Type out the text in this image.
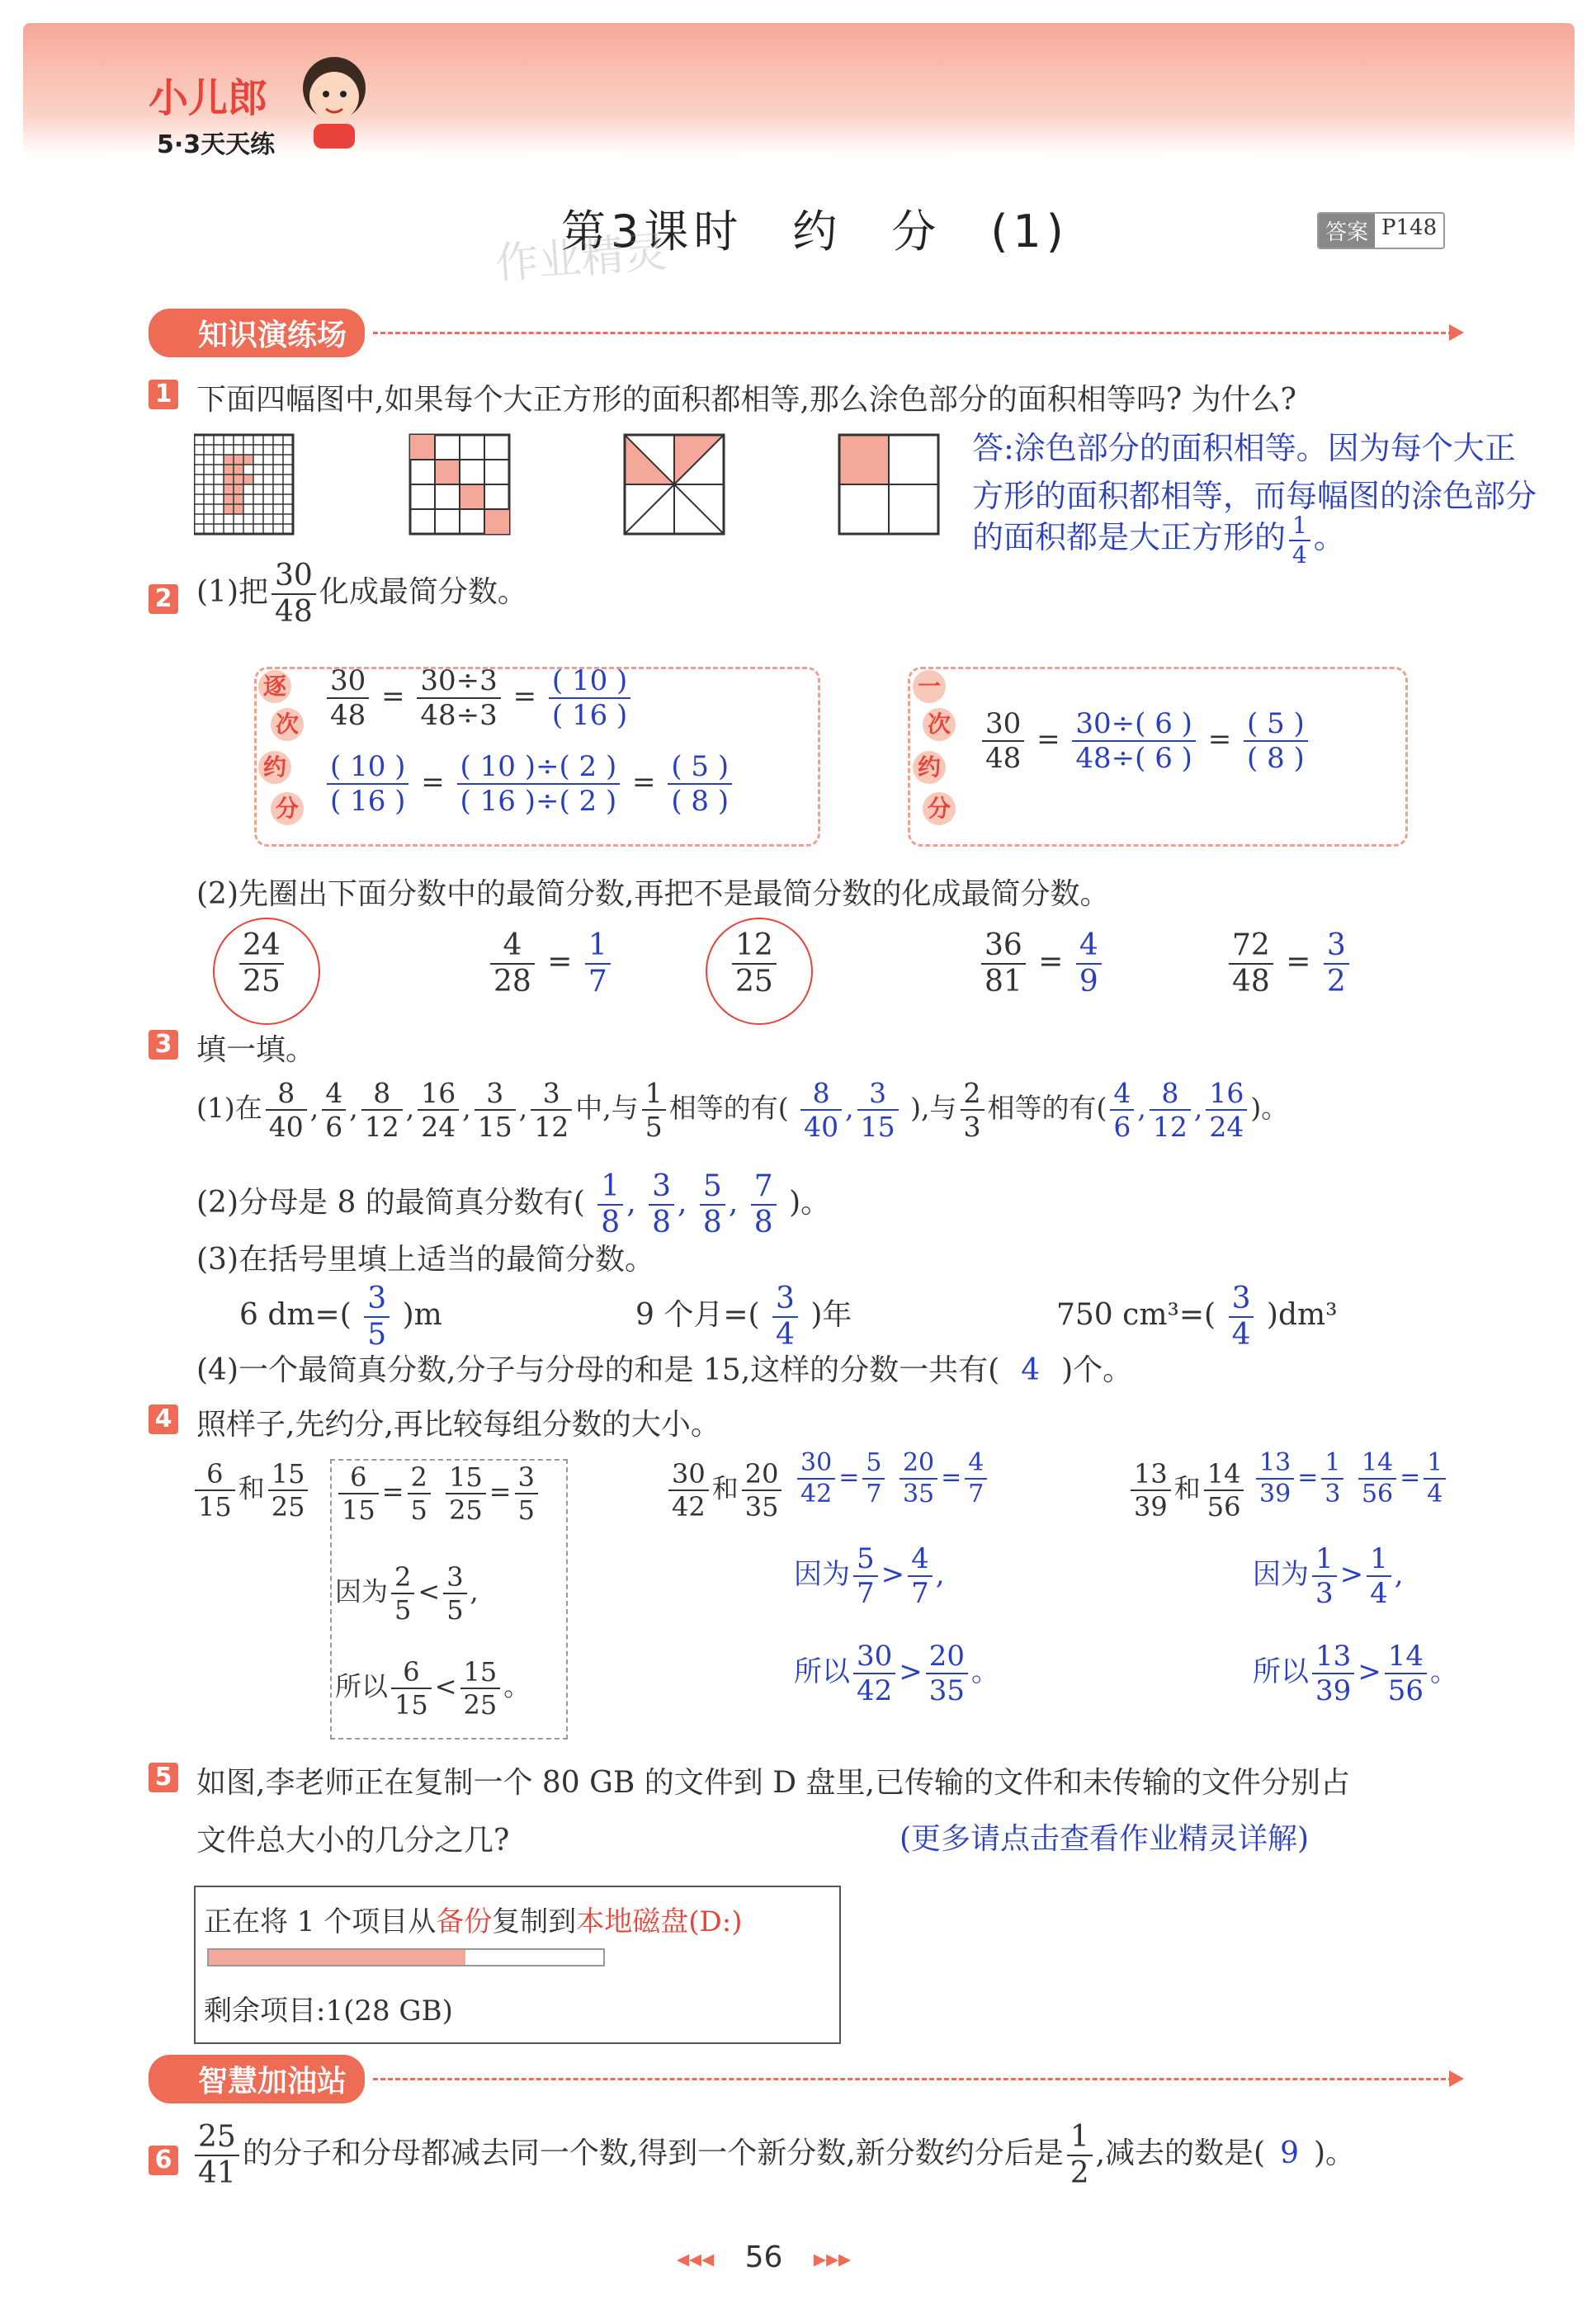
小儿郎
5·3天天练
第3课时　约　分　(1)
作业精灵	答案 P148
知识演练场
1 下面四幅图中,如果每个大正方形的面积都相等,那么涂色部分的面积相等吗? 为什么?
答:涂色部分的面积相等。因为每个大正
方形的面积都相等，而每幅图的涂色部分
的面积都是大正方形的 $\frac{1}{4}$ 。
2 (1)把 $\frac{30}{48}$ 化成最简分数。
逐
次
约
分
$\frac{30}{48} = \frac{30\div 3}{48\div 3} = \frac{( 10 )}{( 16 )}$
$\frac{( 10 )}{( 16 )} = \frac{( 10 )\div( 2 )}{( 16 )\div( 2 )} = \frac{( 5 )}{( 8 )}$
一
次
约
分
$\frac{30}{48} = \frac{30\div( 6 )}{48\div( 6 )} = \frac{( 5 )}{( 8 )}$
(2)先圈出下面分数中的最简分数,再把不是最简分数的化成最简分数。
$\frac{24}{25}$	$\frac{4}{28} = \frac{1}{7}$	$\frac{12}{25}$	$\frac{36}{81} = \frac{4}{9}$	$\frac{72}{48} = \frac{3}{2}$
3 填一填。
(1)在 $\frac{8}{40}$ , $\frac{4}{6}$ , $\frac{8}{12}$ , $\frac{16}{24}$ , $\frac{3}{15}$ , $\frac{3}{12}$ 中,与 $\frac{1}{5}$ 相等的有( $\frac{8}{40}$ , $\frac{3}{15}$ ),与 $\frac{2}{3}$ 相等的有( $\frac{4}{6}$ , $\frac{8}{12}$ , $\frac{16}{24}$ )。
(2)分母是 8 的最简真分数有( $\frac{1}{8}$ , $\frac{3}{8}$ , $\frac{5}{8}$ , $\frac{7}{8}$ )。
(3)在括号里填上适当的最简分数。
6 $dm=( \frac{3}{5} )m$	9 个月=( $\frac{3}{4}$ )年	750 $cm^3=( \frac{3}{4} )dm^3$
(4)一个最简真分数,分子与分母的和是 15,这样的分数一共有( 4 )个。
4 照样子,先约分,再比较每组分数的大小。
$\frac{6}{15}$ 和 $\frac{15}{25} \frac{6}{15} = \frac{2}{5}$
$\frac{15}{25} = \frac{3}{5}$
因为 $\frac{2}{5} < \frac{3}{5}$ ,
所以 $\frac{6}{15} < \frac{15}{25}$ 。
$\frac{30}{42}$ 和 $\frac{20}{35} \frac{30}{42} = \frac{5}{7}$
$\frac{20}{35} = \frac{4}{7}$
因为 $\frac{5}{7} > \frac{4}{7}$ ,
所以 $\frac{30}{42} > \frac{20}{35}$ 。
$\frac{13}{39}$ 和 $\frac{14}{56} \frac{13}{39} = \frac{1}{3}$
$\frac{14}{56} = \frac{1}{4}$
因为 $\frac{1}{3} > \frac{1}{4}$ ,
所以 $\frac{13}{39} > \frac{14}{56}$ 。
5 如图,李老师正在复制一个 80 GB 的文件到 D 盘里,已传输的文件和未传输的文件分别占
文件总大小的几分之几?	(更多请点击查看作业精灵详解)
正在将 1 个项目从备份复制到本地磁盘(D:)
剩余项目:1(28 GB)
智慧加油站
$6 \frac{25}{41}$ 的分子和分母都减去同一个数,得到一个新分数,新分数约分后是 $\frac{1}{2}$ ,减去的数是( 9 )。
◂◂◂ 56 ▸▸▸
